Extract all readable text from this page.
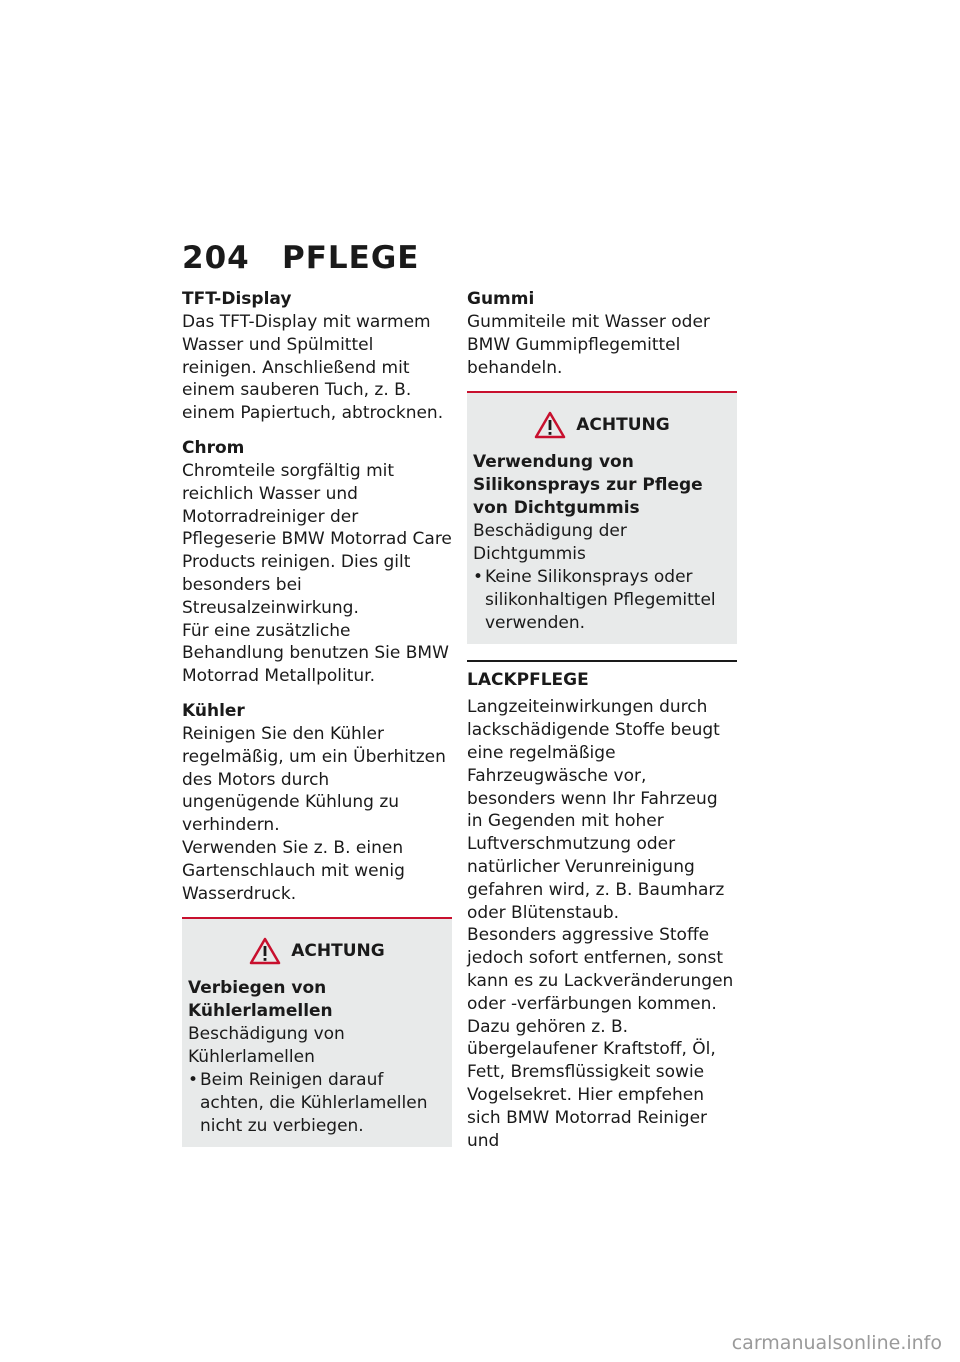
204 PFLEGE
TFT-Display
Das TFT-Display mit warmem Wasser und Spülmittel reinigen. Anschließend mit einem sauberen Tuch, z. B. einem Papiertuch, abtrocknen.
Chrom
Chromteile sorgfältig mit reichlich Wasser und Motorradreiniger der Pflegeserie BMW Motorrad Care Products reinigen. Dies gilt besonders bei Streusalzeinwirkung.
Für eine zusätzliche Behandlung benutzen Sie BMW Motorrad Metallpolitur.
Kühler
Reinigen Sie den Kühler regelmäßig, um ein Überhitzen des Motors durch ungenügende Kühlung zu verhindern.
Verwenden Sie z. B. einen Gartenschlauch mit wenig Wasserdruck.
ACHTUNG
Verbiegen von Kühlerlamellen
Beschädigung von Kühlerlamellen
• Beim Reinigen darauf achten, die Kühlerlamellen nicht zu verbiegen.
Gummi
Gummiteile mit Wasser oder BMW Gummipflegemittel behandeln.
ACHTUNG
Verwendung von Silikonsprays zur Pflege von Dichtgummis
Beschädigung der Dichtgummis
• Keine Silikonsprays oder silikonhaltigen Pflegemittel verwenden.
LACKPFLEGE
Langzeiteinwirkungen durch lackschädigende Stoffe beugt eine regelmäßige Fahrzeugwäsche vor, besonders wenn Ihr Fahrzeug in Gegenden mit hoher Luftverschmutzung oder natürlicher Verunreinigung gefahren wird, z. B. Baumharz oder Blütenstaub.
Besonders aggressive Stoffe jedoch sofort entfernen, sonst kann es zu Lackveränderungen oder -verfärbungen kommen. Dazu gehören z. B. übergelaufener Kraftstoff, Öl, Fett, Bremsflüssigkeit sowie Vogelsekret. Hier empfehen sich BMW Motorrad Reiniger und
carmanualsonline.info
